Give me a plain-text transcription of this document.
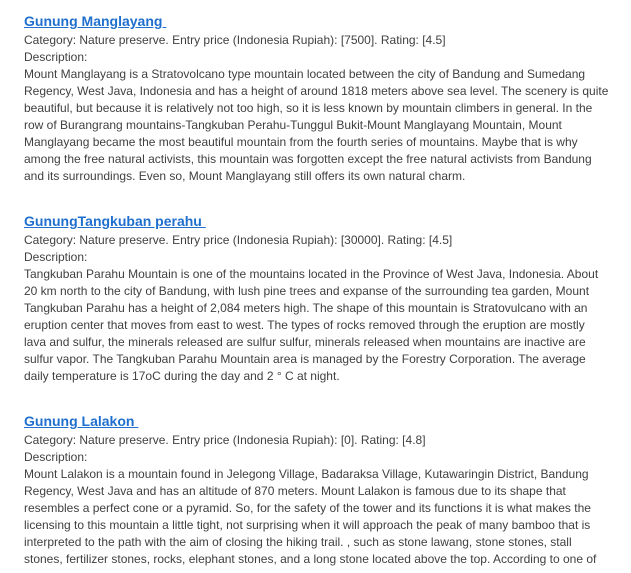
Gunung Manglayang

Category: Nature preserve. Entry price (Indonesia Rupiah): [7500]. Rating: [4.5]

Description:

Mount Manglayang is a Stratovolcano type mountain located between the city of Bandung and Sumedang Regency, West Java, Indonesia and has a height of around 1818 meters above sea level. The scenery is quite beautiful, but because it is relatively not too high, so it is less known by mountain climbers in general. In the row of Burangrang mountains-Tangkuban Perahu-Tunggul Bukit-Mount Manglayang Mountain, Mount Manglayang became the most beautiful mountain from the fourth series of mountains. Maybe that is why among the free natural activists, this mountain was forgotten except the free natural activists from Bandung and its surroundings. Even so, Mount Manglayang still offers its own natural charm.

GunungTangkuban perahu

Category: Nature preserve. Entry price (Indonesia Rupiah): [30000]. Rating: [4.5]

Description:

Tangkuban Parahu Mountain is one of the mountains located in the Province of West Java, Indonesia. About 20 km north to the city of Bandung, with lush pine trees and expanse of the surrounding tea garden, Mount Tangkuban Parahu has a height of 2,084 meters high. The shape of this mountain is Stratovulcano with an eruption center that moves from east to west. The types of rocks removed through the eruption are mostly lava and sulfur, the minerals released are sulfur sulfur, minerals released when mountains are inactive are sulfur vapor. The Tangkuban Parahu Mountain area is managed by the Forestry Corporation. The average daily temperature is 17oC during the day and 2 ° C at night.

Gunung Lalakon

Category: Nature preserve. Entry price (Indonesia Rupiah): [0]. Rating: [4.8]

Description:

Mount Lalakon is a mountain found in Jelegong Village, Badaraksa Village, Kutawaringin District, Bandung Regency, West Java and has an altitude of 870 meters. Mount Lalakon is famous due to its shape that resembles a perfect cone or a pyramid. So, for the safety of the tower and its functions it is what makes the licensing to this mountain a little tight, not surprising when it will approach the peak of many bamboo that is interpreted to the path with the aim of closing the hiking trail. , such as stone lawang, stone stones, stall stones, fertilizer stones, rocks, elephant stones, and a long stone located above the top. According to one of
